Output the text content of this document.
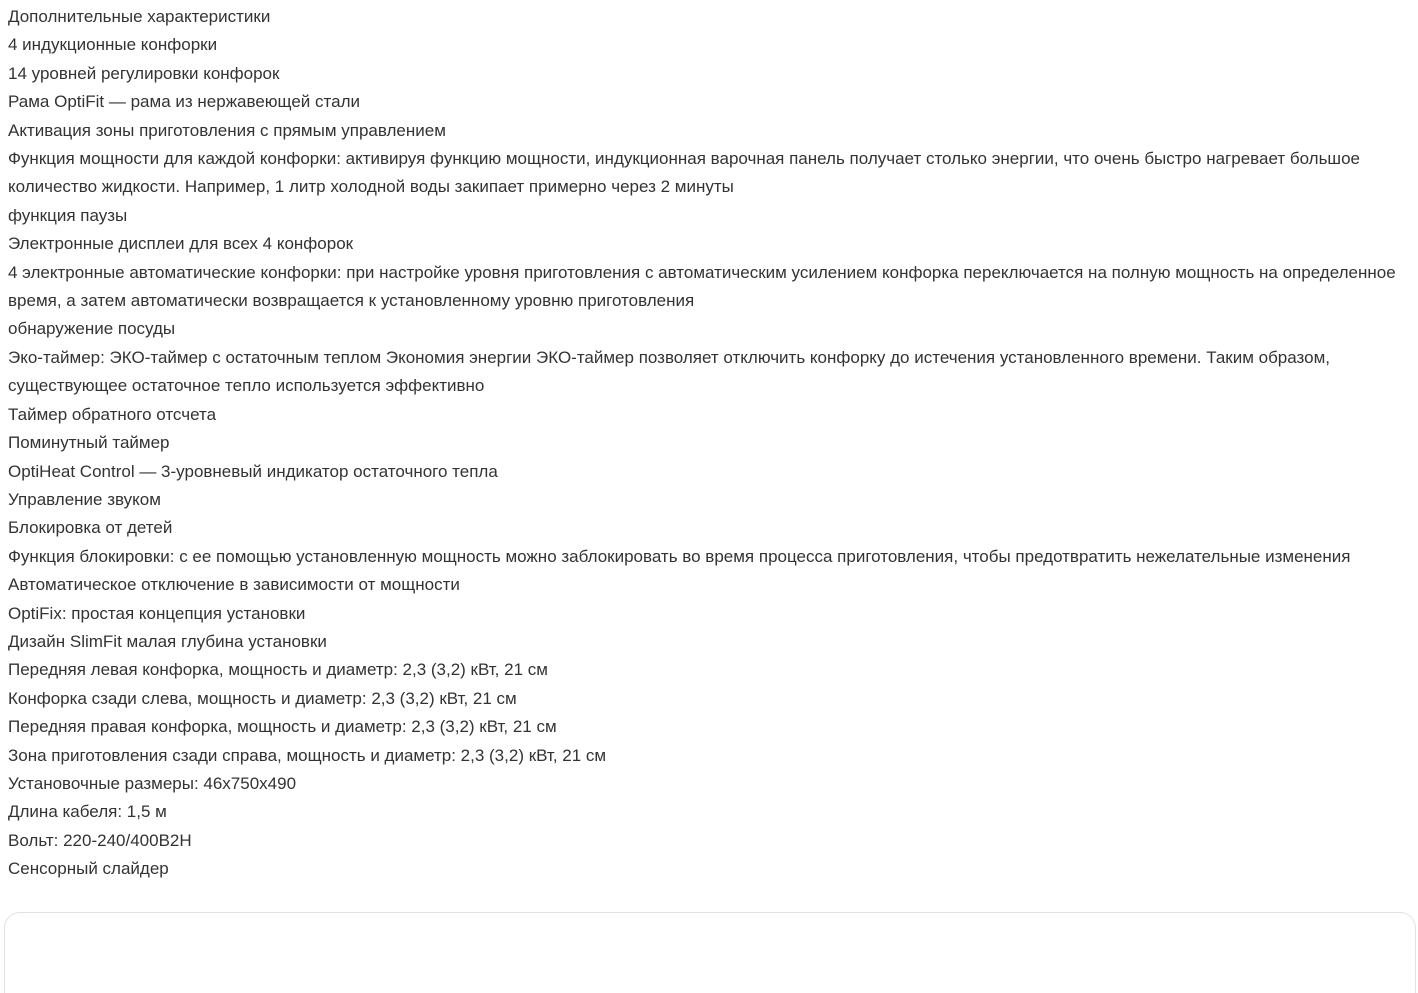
Дополнительные характеристики
4 индукционные конфорки
14 уровней регулировки конфорок
Рама OptiFit — рама из нержавеющей стали
Активация зоны приготовления с прямым управлением
Функция мощности для каждой конфорки: активируя функцию мощности, индукционная варочная панель получает столько энергии, что очень быстро нагревает большое количество жидкости. Например, 1 литр холодной воды закипает примерно через 2 минуты
функция паузы
Электронные дисплеи для всех 4 конфорок
4 электронные автоматические конфорки: при настройке уровня приготовления с автоматическим усилением конфорка переключается на полную мощность на определенное время, а затем автоматически возвращается к установленному уровню приготовления
обнаружение посуды
Эко-таймер: ЭКО-таймер с остаточным теплом Экономия энергии ЭКО-таймер позволяет отключить конфорку до истечения установленного времени. Таким образом, существующее остаточное тепло используется эффективно
Таймер обратного отсчета
Поминутный таймер
OptiHeat Control — 3-уровневый индикатор остаточного тепла
Управление звуком
Блокировка от детей
Функция блокировки: с ее помощью установленную мощность можно заблокировать во время процесса приготовления, чтобы предотвратить нежелательные изменения
Автоматическое отключение в зависимости от мощности
OptiFix: простая концепция установки
Дизайн SlimFit малая глубина установки
Передняя левая конфорка, мощность и диаметр: 2,3 (3,2) кВт, 21 см
Конфорка сзади слева, мощность и диаметр: 2,3 (3,2) кВт, 21 см
Передняя правая конфорка, мощность и диаметр: 2,3 (3,2) кВт, 21 см
Зона приготовления сзади справа, мощность и диаметр: 2,3 (3,2) кВт, 21 см
Установочные размеры: 46х750х490
Длина кабеля: 1,5 м
Вольт: 220-240/400В2Н
Сенсорный слайдер
